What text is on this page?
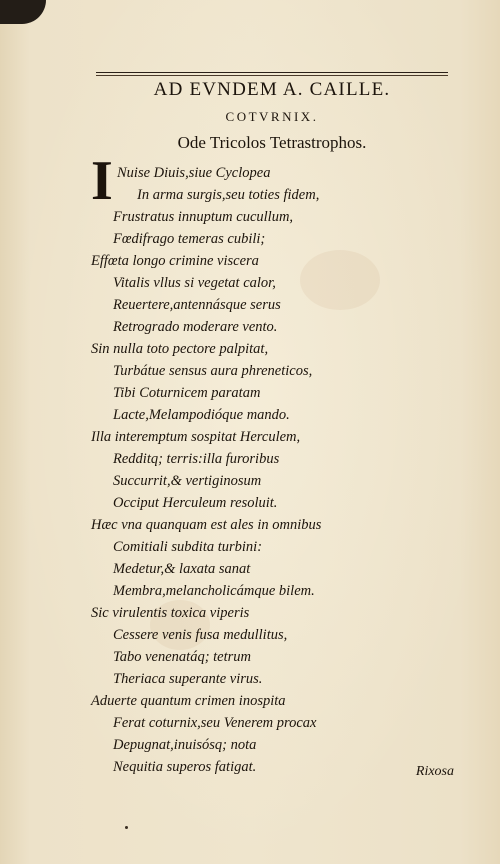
AD EVNDEM A. CAILLE.
COTVRNIX.
Ode Tricolos Tetrastrophos.
I Nuise Diuis,siue Cyclopea
In arma surgis,seu toties fidem,
Frustratus innuptum cucullum,
Fœdifrago temeras cubili;
Effœta longo crimine viscera
Vitalis vllus si vegetat calor,
Reuertere,antennásque serus
Retrogrado moderare vento.
Sin nulla toto pectore palpitat,
Turbátue sensus aura phreneticos,
Tibi Coturnicem paratam
Lacte,Melampodióque mando.
Illa interemptum sospitat Herculem,
Redditq; terris:illa furoribus
Succurrit,& vertiginosum
Occiput Herculeum resoluit.
Hæc vna quanquam est ales in omnibus
Comitiali subdita turbini:
Medetur,& laxata sanat
Membra,melancholicámque bilem.
Sic virulentis toxica viperis
Cessere venis fusa medullitus,
Tabo venenatáq; tetrum
Theriaca superante virus.
Aduerte quantum crimen inospita
Ferat coturnix,seu Venerem procax
Depugnat,inuisósq; nota
Nequitia superos fatigat.	Rixosa
